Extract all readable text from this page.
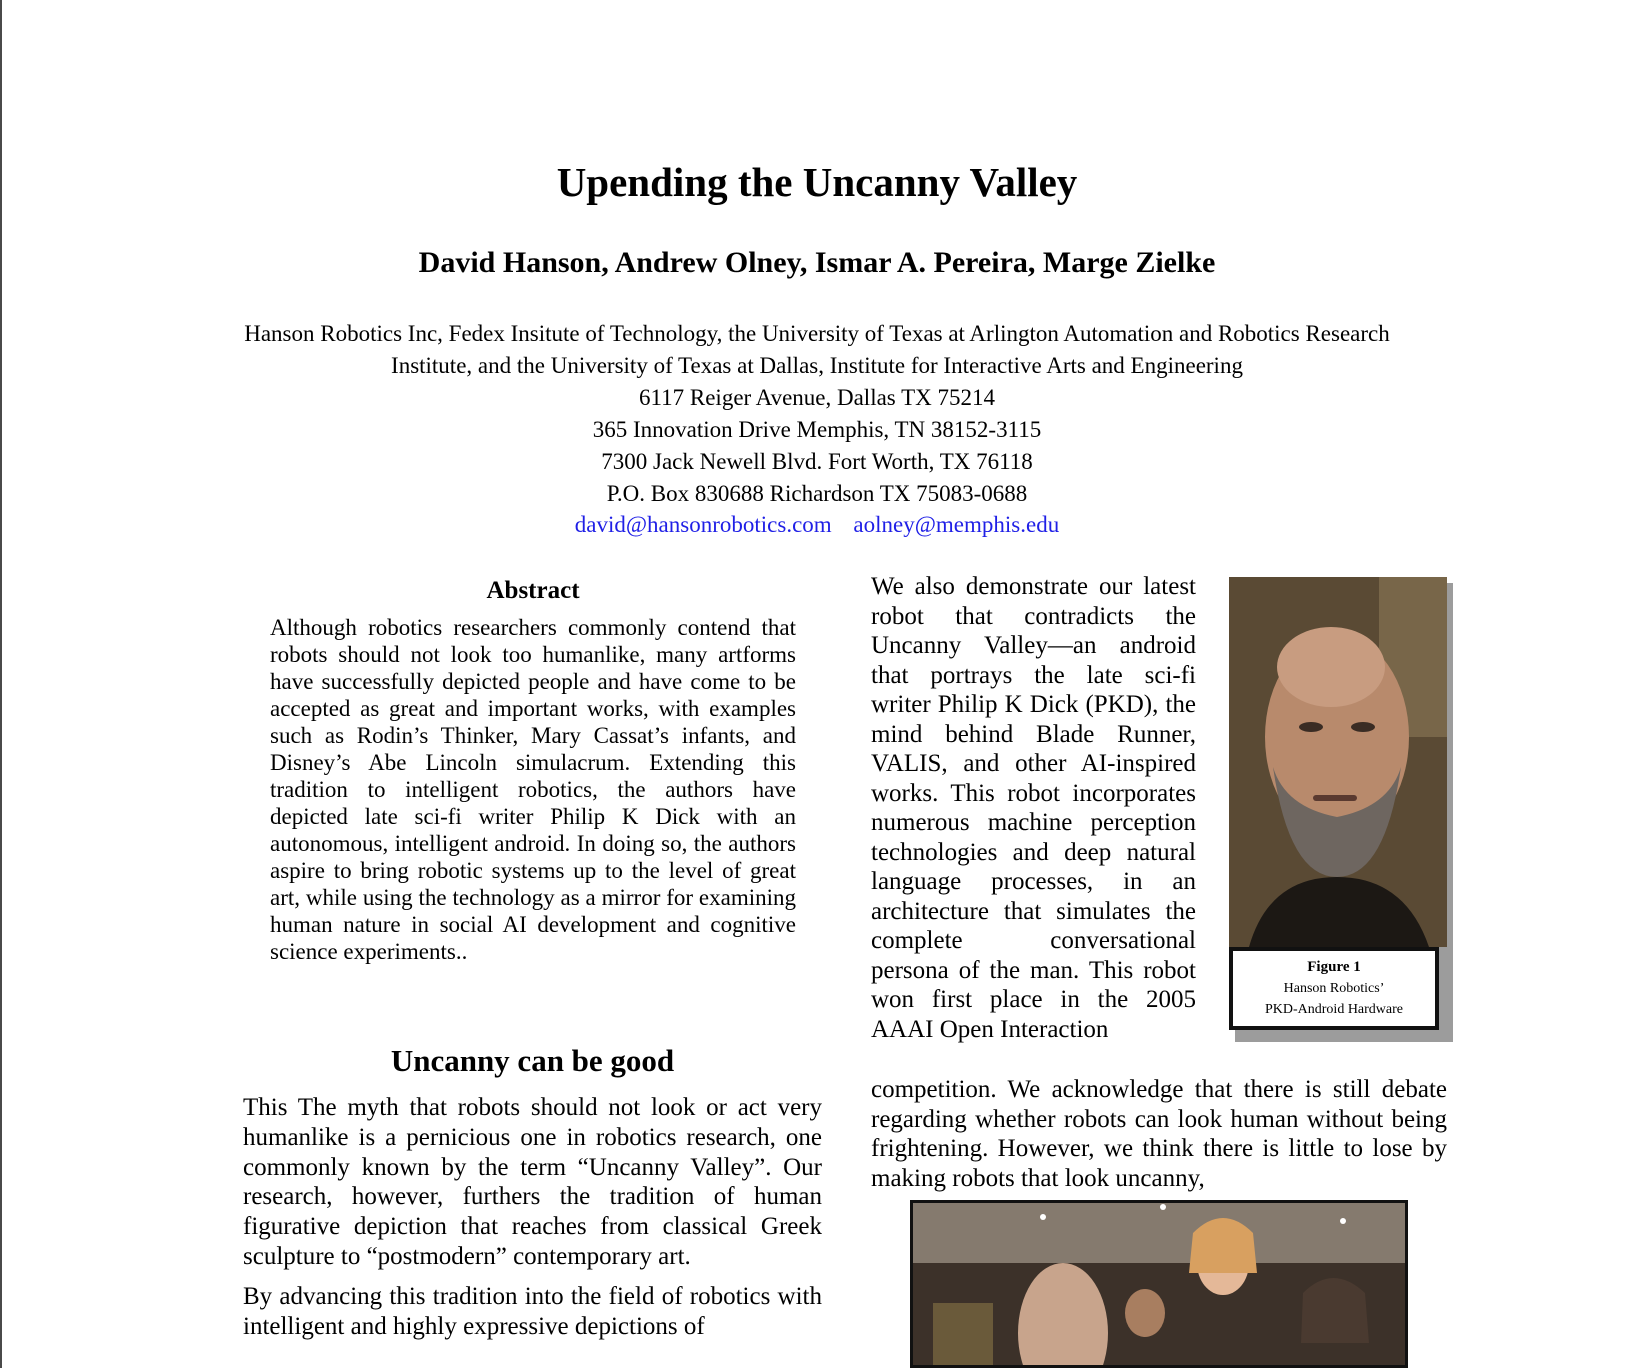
Upending the Uncanny Valley
David Hanson, Andrew Olney, Ismar A. Pereira, Marge Zielke
Hanson Robotics Inc, Fedex Insitute of Technology, the University of Texas at Arlington Automation and Robotics Research
Institute, and the University of Texas at Dallas, Institute for Interactive Arts and Engineering
6117 Reiger Avenue, Dallas TX 75214
365 Innovation Drive Memphis, TN 38152-3115
7300 Jack Newell Blvd. Fort Worth, TX 76118
P.O. Box 830688 Richardson TX 75083-0688
david@hansonrobotics.com aolney@memphis.edu
Abstract
Although robotics researchers commonly contend that robots should not look too humanlike, many artforms have successfully depicted people and have come to be accepted as great and important works, with examples such as Rodin’s Thinker, Mary Cassat’s infants, and Disney’s Abe Lincoln simulacrum. Extending this tradition to intelligent robotics, the authors have depicted late sci-fi writer Philip K Dick with an autonomous, intelligent android. In doing so, the authors aspire to bring robotic systems up to the level of great art, while using the technology as a mirror for examining human nature in social AI development and cognitive science experiments..
Uncanny can be good

This The myth that robots should not look or act very humanlike is a pernicious one in robotics research, one commonly known by the term “Uncanny Valley”. Our research, however, furthers the tradition of human figurative depiction that reaches from classical Greek sculpture to “postmodern” contemporary art.

By advancing this tradition into the field of robotics with intelligent and highly expressive depictions of

We also demonstrate our latest robot that contradicts the Uncanny Valley—an android that portrays the late sci-fi writer Philip K Dick (PKD), the mind behind Blade Runner, VALIS, and other AI-inspired works. This robot incorporates numerous machine perception technologies and deep natural language processes, in an architecture that simulates the complete conversational persona of the man. This robot won first place in the 2005 AAAI Open Interaction
competition. We acknowledge that there is still debate regarding whether robots can look human without being frightening. However, we think there is little to lose by making robots that look uncanny,
Figure 1
Hanson Robotics’
PKD-Android Hardware
